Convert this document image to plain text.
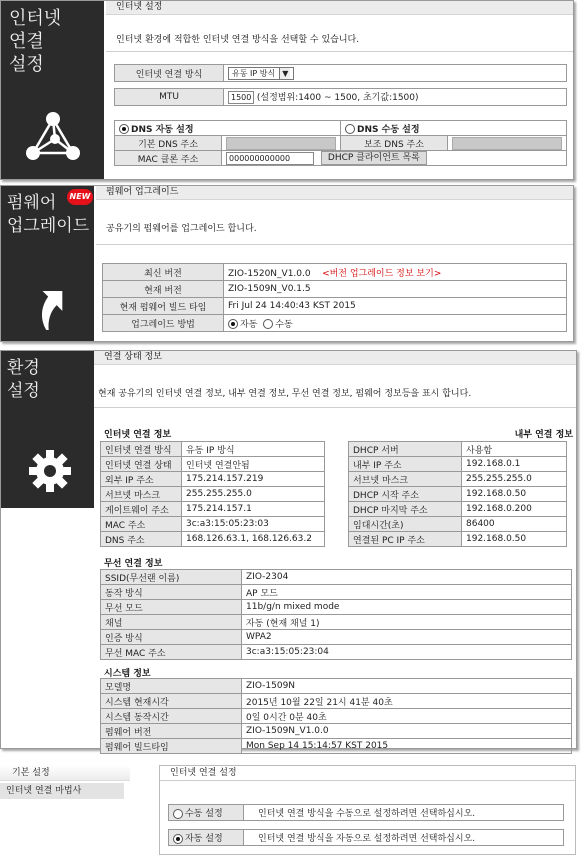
인터넷
연결
설정
인터넷 설정
인터넷 환경에 적합한 인터넷 연결 방식을 선택할 수 있습니다.
인터넷 연결 방식	유동 IP 방식 ▼
MTU	1500 (설정범위:1400 ~ 1500, 초기값:1500)
DNS 자동 설정		DNS 수동 설정	
기본 DNS 주소		보조 DNS 주소	
MAC 클론 주소	000000000000 DHCP 클라이언트 목록		
펌웨어
업그레이드
NEW	펌웨어 업그레이드
공유기의 펌웨어를 업그레이드 합니다.
최신 버전	ZIO-1520N_V1.0.0 <버전 업그레이드 정보 보기>
현재 버전	ZIO-1509N_V0.1.5
현재 펌웨어 빌드 타임	Fri Jul 24 14:40:43 KST 2015
업그레이드 방법	자동 수동
환경
설정
연결 상태 정보
현재 공유기의 인터넷 연결 정보, 내부 연결 정보, 무선 연결 정보, 펌웨어 정보등을 표시 합니다.
인터넷 연결 정보	내부 연결 정보
인터넷 연결 방식	유동 IP 방식
인터넷 연결 상태	인터넷 연결안됨
외부 IP 주소	175.214.157.219
서브넷 마스크	255.255.255.0
게이트웨이 주소	175.214.157.1
MAC 주소	3c:a3:15:05:23:03
DNS 주소	168.126.63.1, 168.126.63.2
DHCP 서버	사용함
내부 IP 주소	192.168.0.1
서브넷 마스크	255.255.255.0
DHCP 시작 주소	192.168.0.50
DHCP 마지막 주소	192.168.0.200
임대시간(초)	86400
연결된 PC IP 주소	192.168.0.50
무선 연결 정보
SSID(무선랜 이름)	ZIO-2304
동작 방식	AP 모드
무선 모드	11b/g/n mixed mode
채널	자동 (현재 채널 1)
인증 방식	WPA2
무선 MAC 주소	3c:a3:15:05:23:04
시스템 정보
모델명	ZIO-1509N
시스템 현재시각	2015년 10월 22일 21시 41분 40초
시스템 동작시간	0일 0시간 0분 40초
펌웨어 버전	ZIO-1509N_V1.0.0
펌웨어 빌드타임	Mon Sep 14 15:14:57 KST 2015
기본 설정
인터넷 연결 마법사
인터넷 연결 설정
수동 설정	인터넷 연결 방식을 수동으로 설정하려면 선택하십시오.
자동 설정	인터넷 연결 방식을 자동으로 설정하려면 선택하십시오.
